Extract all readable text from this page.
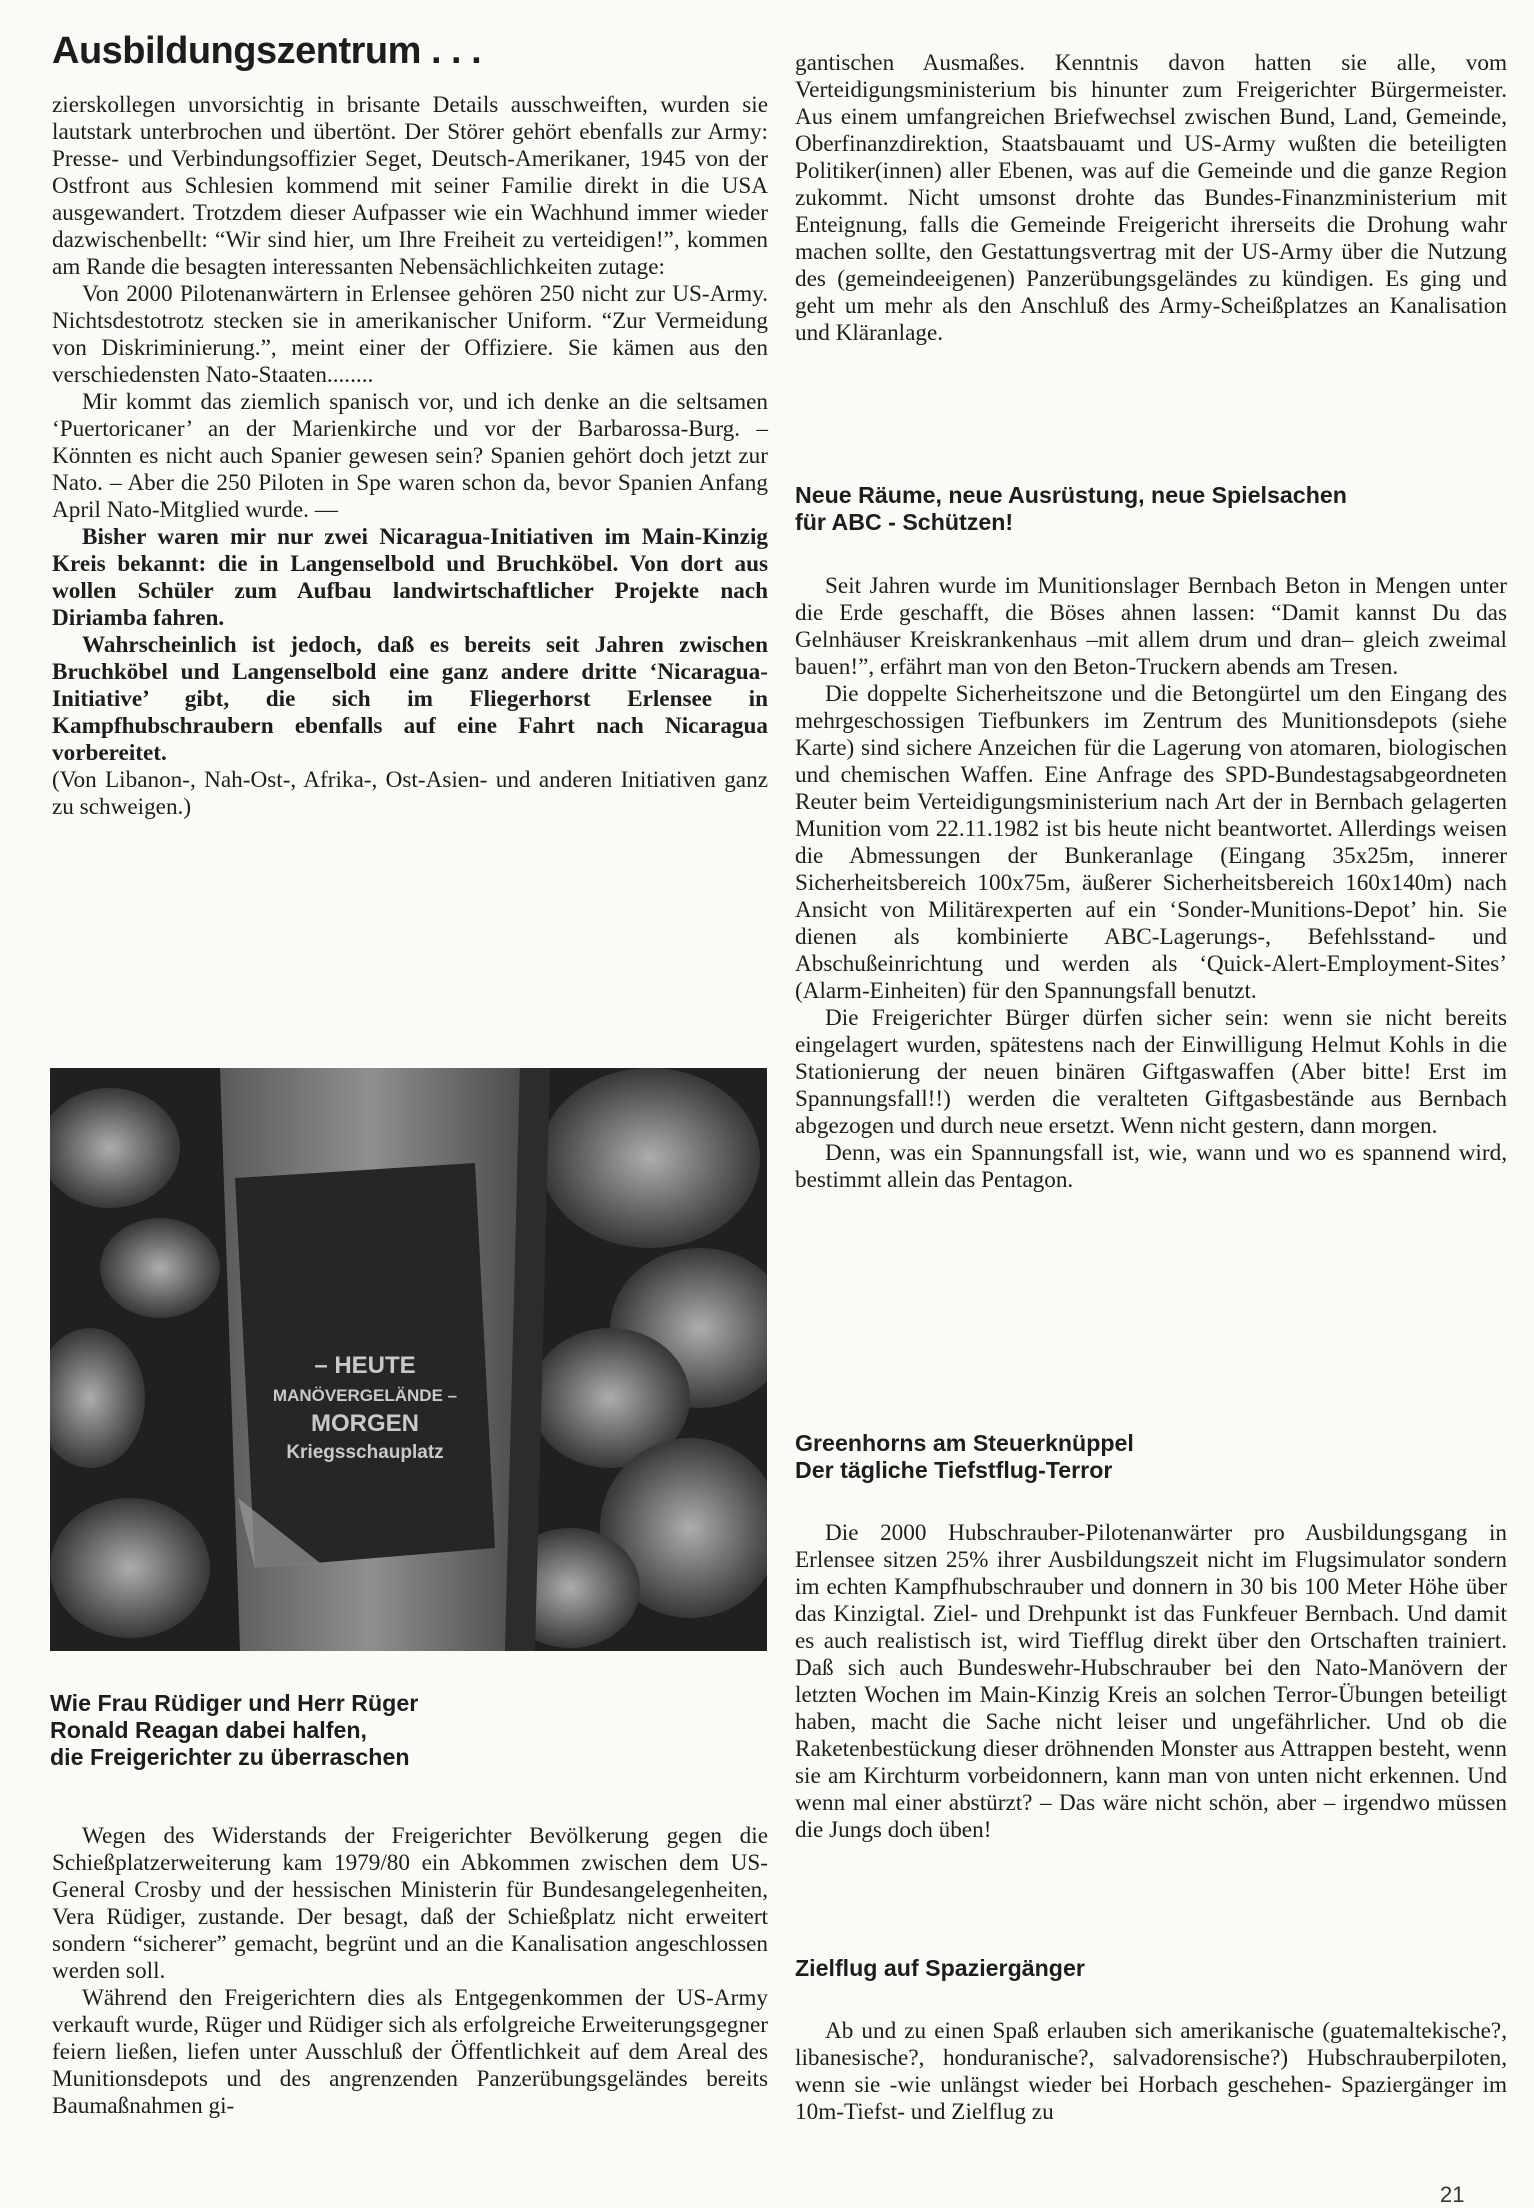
Ausbildungszentrum . . .

zierskollegen unvorsichtig in brisante Details ausschweiften, wurden sie lautstark unterbrochen und übertönt. Der Störer gehört ebenfalls zur Army: Presse- und Verbindungsoffizier Seget, Deutsch-Amerikaner, 1945 von der Ostfront aus Schlesien kommend mit seiner Familie direkt in die USA ausgewandert. Trotzdem dieser Aufpasser wie ein Wachhund immer wieder dazwischenbellt: “Wir sind hier, um Ihre Freiheit zu verteidigen!”, kommen am Rande die besagten interessanten Nebensächlichkeiten zutage:

Von 2000 Pilotenanwärtern in Erlensee gehören 250 nicht zur US-Army. Nichtsdestotrotz stecken sie in amerikanischer Uniform. “Zur Vermeidung von Diskriminierung.”, meint einer der Offiziere. Sie kämen aus den verschiedensten Nato-Staaten........

Mir kommt das ziemlich spanisch vor, und ich denke an die seltsamen ‘Puertoricaner’ an der Marienkirche und vor der Barbarossa-Burg. – Könnten es nicht auch Spanier gewesen sein? Spanien gehört doch jetzt zur Nato. – Aber die 250 Piloten in Spe waren schon da, bevor Spanien Anfang April Nato-Mitglied wurde. ––

Bisher waren mir nur zwei Nicaragua-Initiativen im Main-Kinzig Kreis bekannt: die in Langenselbold und Bruchköbel. Von dort aus wollen Schüler zum Aufbau landwirtschaftlicher Projekte nach Diriamba fahren.

Wahrscheinlich ist jedoch, daß es bereits seit Jahren zwischen Bruchköbel und Langenselbold eine ganz andere dritte ‘Nicaragua-Initiative’ gibt, die sich im Fliegerhorst Erlensee in Kampfhubschraubern ebenfalls auf eine Fahrt nach Nicaragua vorbereitet.

(Von Libanon-, Nah-Ost-, Afrika-, Ost-Asien- und anderen Initiativen ganz zu schweigen.)

– HEUTE
MANÖVERGELÄNDE –
MORGEN
Kriegsschauplatz

Wie Frau Rüdiger und Herr Rüger

Ronald Reagan dabei halfen,

die Freigerichter zu überraschen

Wegen des Widerstands der Freigerichter Bevölkerung gegen die Schießplatzerweiterung kam 1979/80 ein Abkommen zwischen dem US-General Crosby und der hessischen Ministerin für Bundesangelegenheiten, Vera Rüdiger, zustande. Der besagt, daß der Schießplatz nicht erweitert sondern “sicherer” gemacht, begrünt und an die Kanalisation angeschlossen werden soll.

Während den Freigerichtern dies als Entgegenkommen der US-Army verkauft wurde, Rüger und Rüdiger sich als erfolgreiche Erweiterungsgegner feiern ließen, liefen unter Ausschluß der Öffentlichkeit auf dem Areal des Munitionsdepots und des angrenzenden Panzerübungsgeländes bereits Baumaßnahmen gi-

gantischen Ausmaßes. Kenntnis davon hatten sie alle, vom Verteidigungsministerium bis hinunter zum Freigerichter Bürgermeister. Aus einem umfangreichen Briefwechsel zwischen Bund, Land, Gemeinde, Oberfinanzdirektion, Staatsbauamt und US-Army wußten die beteiligten Politiker(innen) aller Ebenen, was auf die Gemeinde und die ganze Region zukommt. Nicht umsonst drohte das Bundes-Finanzministerium mit Enteignung, falls die Gemeinde Freigericht ihrerseits die Drohung wahr machen sollte, den Gestattungsvertrag mit der US-Army über die Nutzung des (gemeindeeigenen) Panzerübungsgeländes zu kündigen. Es ging und geht um mehr als den Anschluß des Army-Scheißplatzes an Kanalisation und Kläranlage.

Neue Räume, neue Ausrüstung, neue Spielsachen

für ABC - Schützen!

Seit Jahren wurde im Munitionslager Bernbach Beton in Mengen unter die Erde geschafft, die Böses ahnen lassen: “Damit kannst Du das Gelnhäuser Kreiskrankenhaus –mit allem drum und dran– gleich zweimal bauen!”, erfährt man von den Beton-Truckern abends am Tresen.

Die doppelte Sicherheitszone und die Betongürtel um den Eingang des mehrgeschossigen Tiefbunkers im Zentrum des Munitionsdepots (siehe Karte) sind sichere Anzeichen für die Lagerung von atomaren, biologischen und chemischen Waffen. Eine Anfrage des SPD-Bundestagsabgeordneten Reuter beim Verteidigungsministerium nach Art der in Bernbach gelagerten Munition vom 22.11.1982 ist bis heute nicht beantwortet. Allerdings weisen die Abmessungen der Bunkeranlage (Eingang 35x25m, innerer Sicherheitsbereich 100x75m, äußerer Sicherheitsbereich 160x140m) nach Ansicht von Militärexperten auf ein ‘Sonder-Munitions-Depot’ hin. Sie dienen als kombinierte ABC-Lagerungs-, Befehlsstand- und Abschußeinrichtung und werden als ‘Quick-Alert-Employment-Sites’ (Alarm-Einheiten) für den Spannungsfall benutzt.

Die Freigerichter Bürger dürfen sicher sein: wenn sie nicht bereits eingelagert wurden, spätestens nach der Einwilligung Helmut Kohls in die Stationierung der neuen binären Giftgaswaffen (Aber bitte! Erst im Spannungsfall!!) werden die veralteten Giftgasbestände aus Bernbach abgezogen und durch neue ersetzt. Wenn nicht gestern, dann morgen.

Denn, was ein Spannungsfall ist, wie, wann und wo es spannend wird, bestimmt allein das Pentagon.

Greenhorns am Steuerknüppel

Der tägliche Tiefstflug-Terror

Die 2000 Hubschrauber-Pilotenanwärter pro Ausbildungsgang in Erlensee sitzen 25% ihrer Ausbildungszeit nicht im Flugsimulator sondern im echten Kampfhubschrauber und donnern in 30 bis 100 Meter Höhe über das Kinzigtal. Ziel- und Drehpunkt ist das Funkfeuer Bernbach. Und damit es auch realistisch ist, wird Tiefflug direkt über den Ortschaften trainiert. Daß sich auch Bundeswehr-Hubschrauber bei den Nato-Manövern der letzten Wochen im Main-Kinzig Kreis an solchen Terror-Übungen beteiligt haben, macht die Sache nicht leiser und ungefährlicher. Und ob die Raketenbestückung dieser dröhnenden Monster aus Attrappen besteht, wenn sie am Kirchturm vorbeidonnern, kann man von unten nicht erkennen. Und wenn mal einer abstürzt? – Das wäre nicht schön, aber – irgendwo müssen die Jungs doch üben!

Zielflug auf Spaziergänger

Ab und zu einen Spaß erlauben sich amerikanische (guatemaltekische?, libanesische?, honduranische?, salvadorensische?) Hubschrauberpiloten, wenn sie -wie unlängst wieder bei Horbach geschehen- Spaziergänger im 10m-Tiefst- und Zielflug zu

21
